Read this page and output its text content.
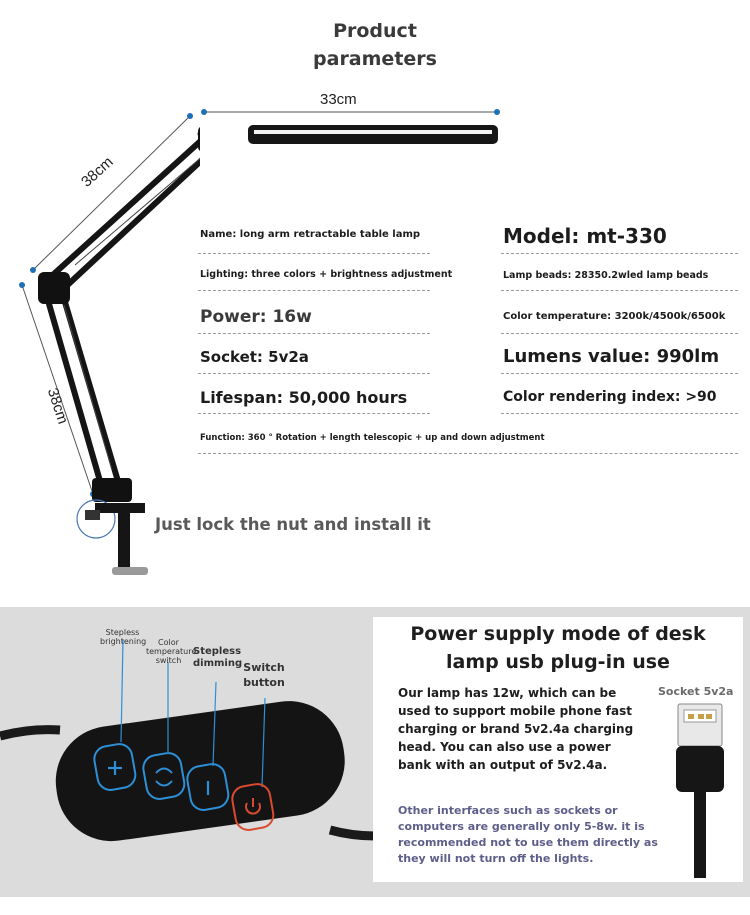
Product
parameters
33cm
38cm
38cm
Name: long arm retractable table lamp	Model: mt-330
Lighting: three colors + brightness adjustment	Lamp beads: 28350.2wled lamp beads
Power: 16w	Color temperature: 3200k/4500k/6500k
Socket: 5v2a	Lumens value: 990lm
Lifespan: 50,000 hours	Color rendering index: >90
Function: 360 ° Rotation + length telescopic + up and down adjustment
Just lock the nut and install it
Stepless brightening	Color temperature switch
Stepless dimming Switch button
Power supply mode of desk
lamp usb plug-in use
Our lamp has 12w, which can be used to support mobile phone fast charging or brand 5v2.4a charging head. You can also use a power bank with an output of 5v2.4a.
Other interfaces such as sockets or computers are generally only 5-8w. it is recommended not to use them directly as they will not turn off the lights.
Socket 5v2a
